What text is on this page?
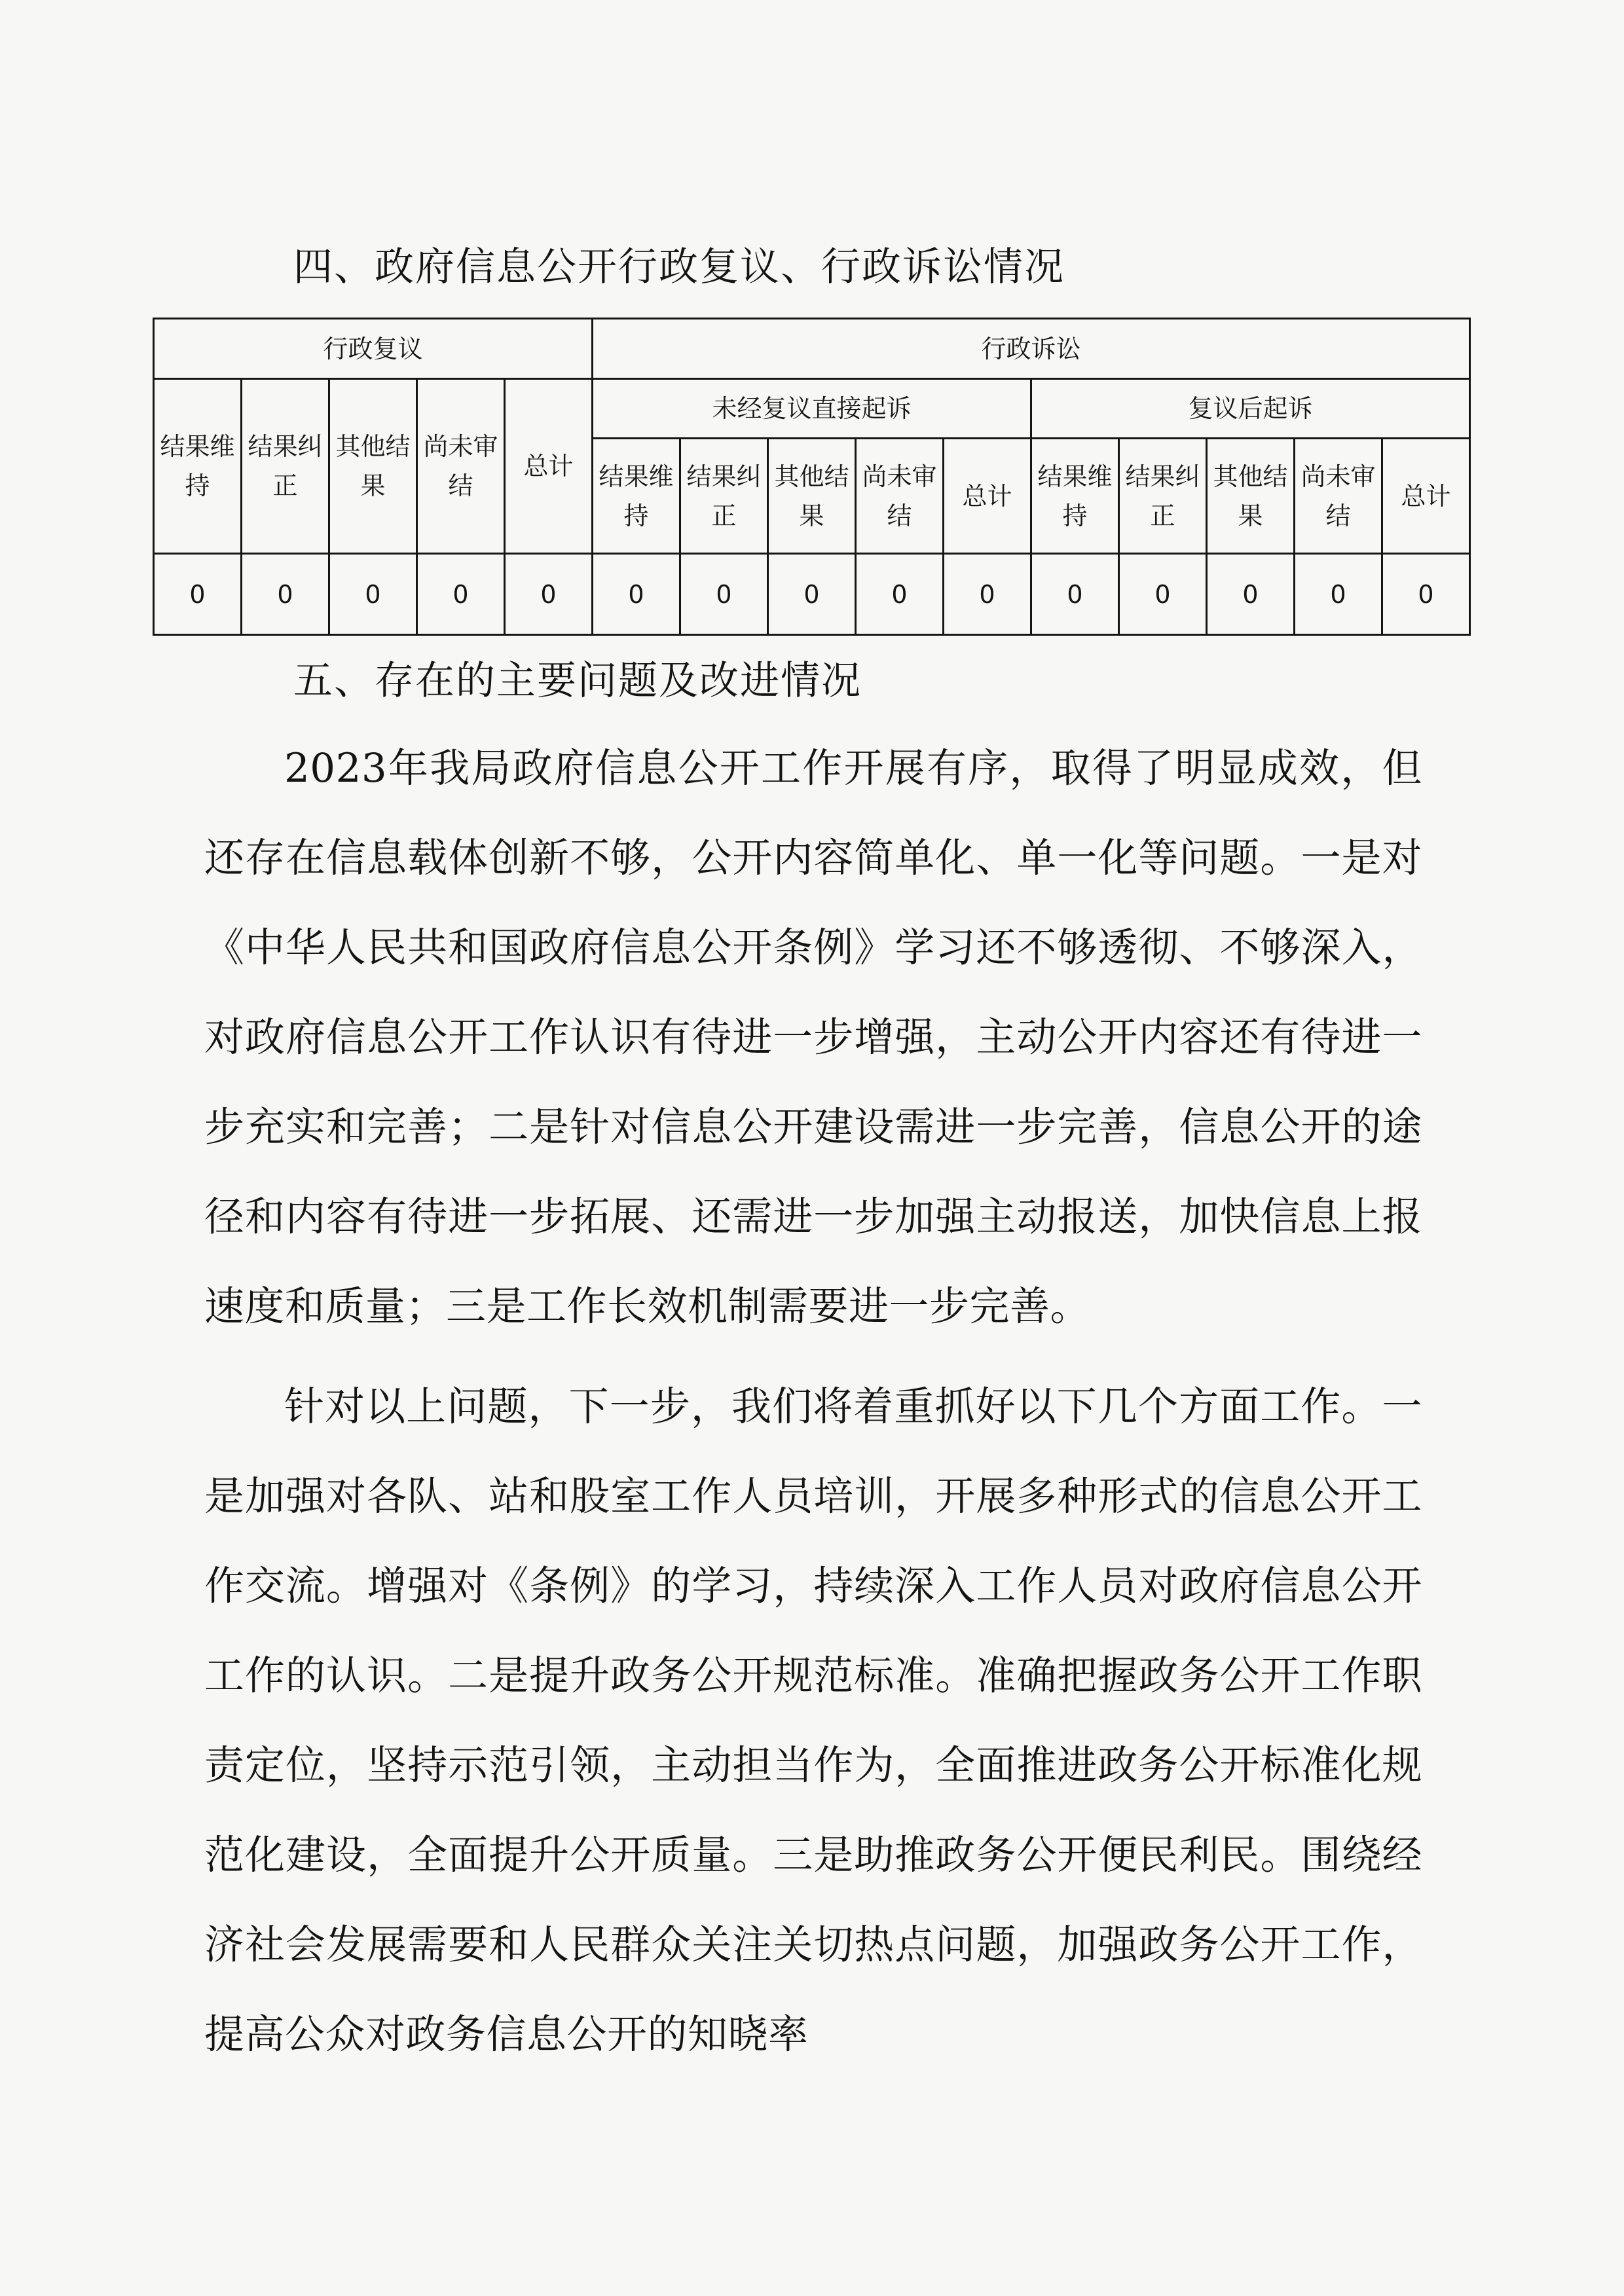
四、政府信息公开行政复议、行政诉讼情况
行政复议					行政诉讼									
结果维持	结果纠正	其他结果	尚未审结	总计	未经复议直接起诉					复议后起诉				
					结果维持	结果纠正	其他结果	尚未审结	总计	结果维持	结果纠正	其他结果	尚未审结	总计
0	0	0	0	0	0	0	0	0	0	0	0	0	0	0
五、存在的主要问题及改进情况

2023年我局政府信息公开工作开展有序，取得了明显成效，但还存在信息载体创新不够，公开内容简单化、单一化等问题。一是对《中华人民共和国政府信息公开条例》学习还不够透彻、不够深入，对政府信息公开工作认识有待进一步增强，主动公开内容还有待进一步充实和完善；二是针对信息公开建设需进一步完善，信息公开的途径和内容有待进一步拓展、还需进一步加强主动报送，加快信息上报速度和质量；三是工作长效机制需要进一步完善。

针对以上问题，下一步，我们将着重抓好以下几个方面工作。一是加强对各队、站和股室工作人员培训，开展多种形式的信息公开工作交流。增强对《条例》的学习，持续深入工作人员对政府信息公开工作的认识。二是提升政务公开规范标准。准确把握政务公开工作职责定位，坚持示范引领，主动担当作为，全面推进政务公开标准化规范化建设，全面提升公开质量。三是助推政务公开便民利民。围绕经济社会发展需要和人民群众关注关切热点问题，加强政务公开工作，提高公众对政务信息公开的知晓率
